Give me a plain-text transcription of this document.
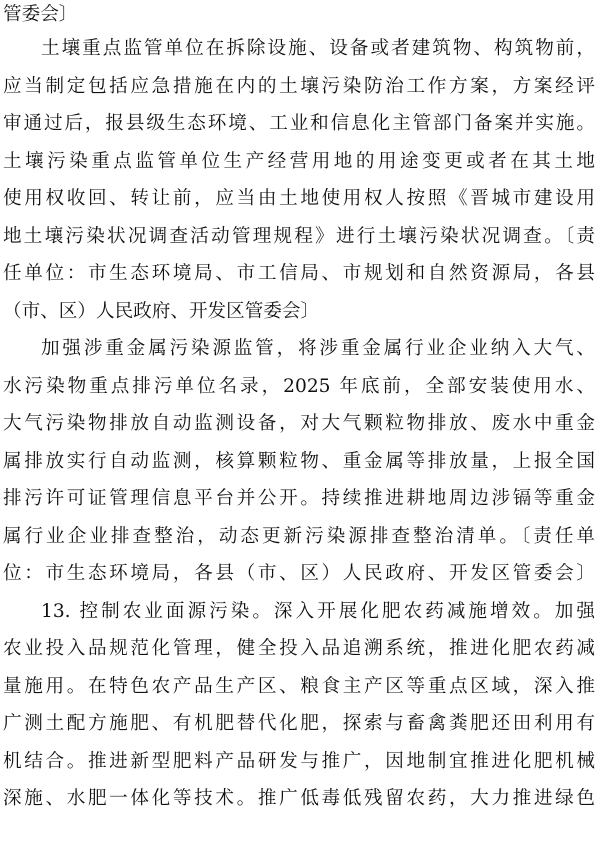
管委会〕
土壤重点监管单位在拆除设施、设备或者建筑物、构筑物前，
应当制定包括应急措施在内的土壤污染防治工作方案，方案经评
审通过后，报县级生态环境、工业和信息化主管部门备案并实施。
土壤污染重点监管单位生产经营用地的用途变更或者在其土地
使用权收回、转让前，应当由土地使用权人按照《晋城市建设用
地土壤污染状况调查活动管理规程》进行土壤污染状况调查。〔责
任单位：市生态环境局、市工信局、市规划和自然资源局，各县
（市、区）人民政府、开发区管委会〕
加强涉重金属污染源监管，将涉重金属行业企业纳入大气、
水污染物重点排污单位名录，2025 年底前，全部安装使用水、
大气污染物排放自动监测设备，对大气颗粒物排放、废水中重金
属排放实行自动监测，核算颗粒物、重金属等排放量，上报全国
排污许可证管理信息平台并公开。持续推进耕地周边涉镉等重金
属行业企业排查整治，动态更新污染源排查整治清单。〔责任单
位：市生态环境局，各县（市、区）人民政府、开发区管委会〕
13. 控制农业面源污染。深入开展化肥农药减施增效。加强
农业投入品规范化管理，健全投入品追溯系统，推进化肥农药减
量施用。在特色农产品生产区、粮食主产区等重点区域，深入推
广测土配方施肥、有机肥替代化肥，探索与畜禽粪肥还田利用有
机结合。推进新型肥料产品研发与推广，因地制宜推进化肥机械
深施、水肥一体化等技术。推广低毒低残留农药，大力推进绿色
